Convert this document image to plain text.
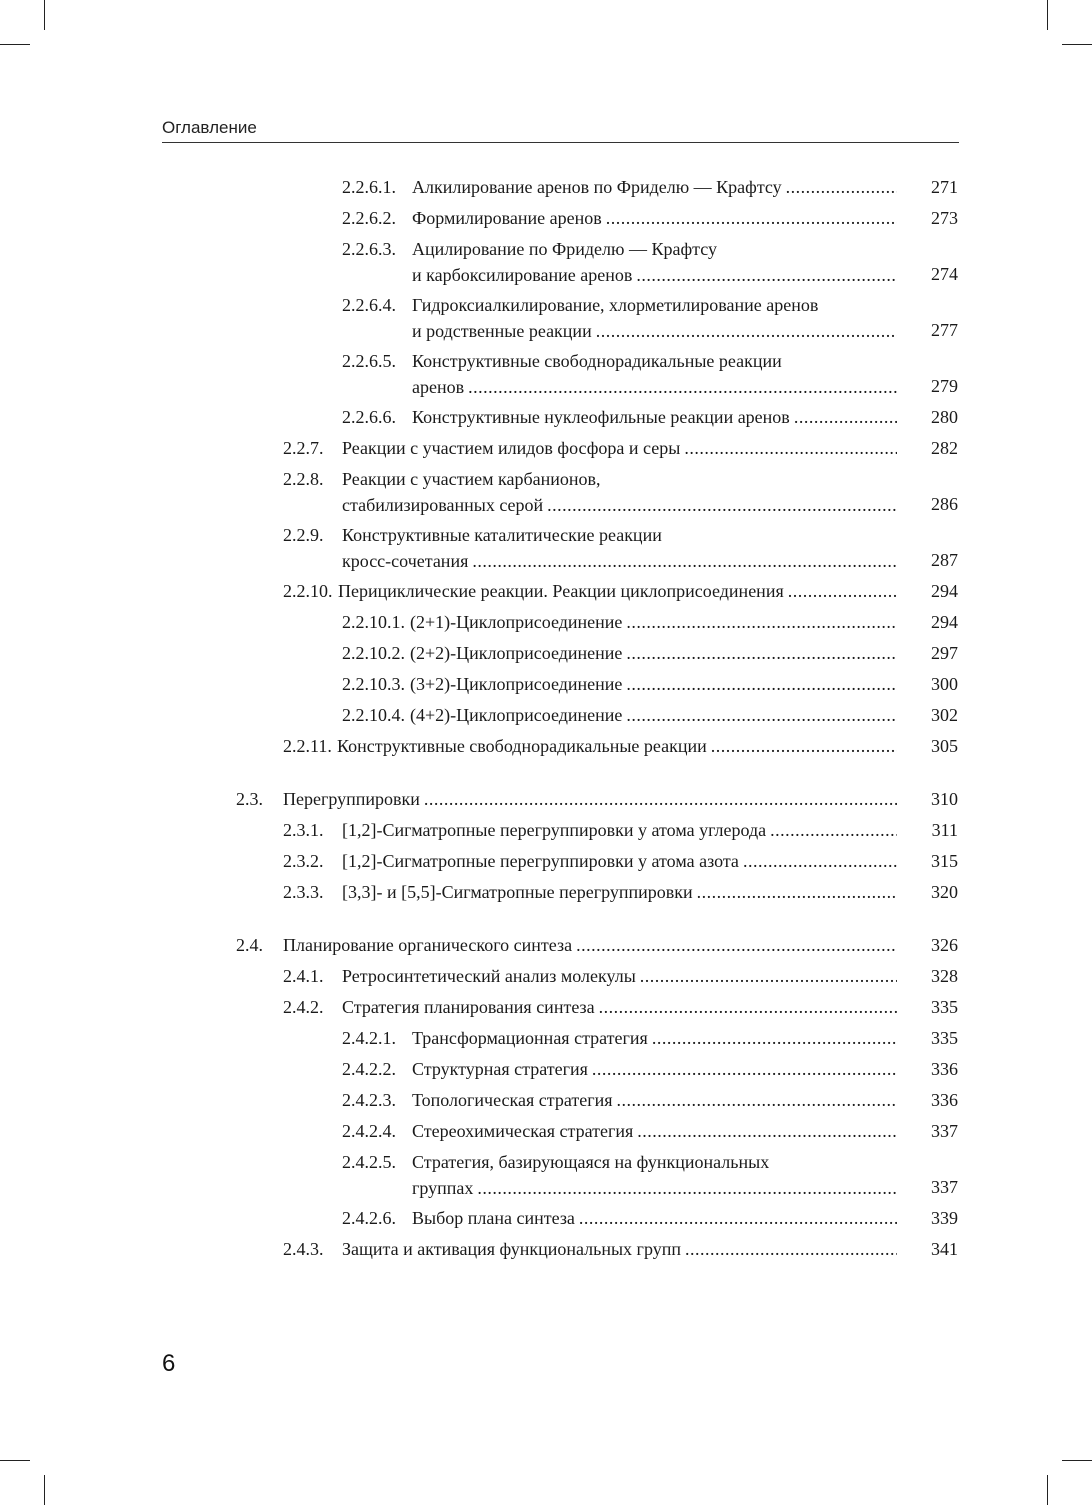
Оглавление
2.2.6.1. Алкилирование аренов по Фриделю — Крафтсу .....	271
2.2.6.2. Формилирование аренов .....	273
2.2.6.3. Ацилирование по Фриделю — Крафтсу
и карбоксилирование аренов .....	274
2.2.6.4. Гидроксиалкилирование, хлорметилирование аренов
и родственные реакции .....	277
2.2.6.5. Конструктивные свободнорадикальные реакции
аренов .....	279
2.2.6.6. Конструктивные нуклеофильные реакции аренов .....	280
2.2.7. Реакции с участием илидов фосфора и серы .....	282
2.2.8. Реакции с участием карбанионов,
стабилизированных серой .....	286
2.2.9. Конструктивные каталитические реакции
кросс-сочетания .....	287
2.2.10. Перициклические реакции. Реакции циклоприсоединения .....	294
2.2.10.1. (2+1)-Циклоприсоединение .....	294
2.2.10.2. (2+2)-Циклоприсоединение .....	297
2.2.10.3. (3+2)-Циклоприсоединение .....	300
2.2.10.4. (4+2)-Циклоприсоединение .....	302
2.2.11. Конструктивные свободнорадикальные реакции .....	305
2.3. Перегруппировки .....	310
2.3.1. [1,2]-Сигматропные перегруппировки у атома углерода .....	311
2.3.2. [1,2]-Сигматропные перегруппировки у атома азота .....	315
2.3.3. [3,3]- и [5,5]-Сигматропные перегруппировки .....	320
2.4. Планирование органического синтеза .....	326
2.4.1. Ретросинтетический анализ молекулы .....	328
2.4.2. Стратегия планирования синтеза .....	335
2.4.2.1. Трансформационная стратегия .....	335
2.4.2.2. Структурная стратегия .....	336
2.4.2.3. Топологическая стратегия .....	336
2.4.2.4. Стереохимическая стратегия .....	337
2.4.2.5. Стратегия, базирующаяся на функциональных
группах .....	337
2.4.2.6. Выбор плана синтеза .....	339
2.4.3. Защита и активация функциональных групп .....	341
6
